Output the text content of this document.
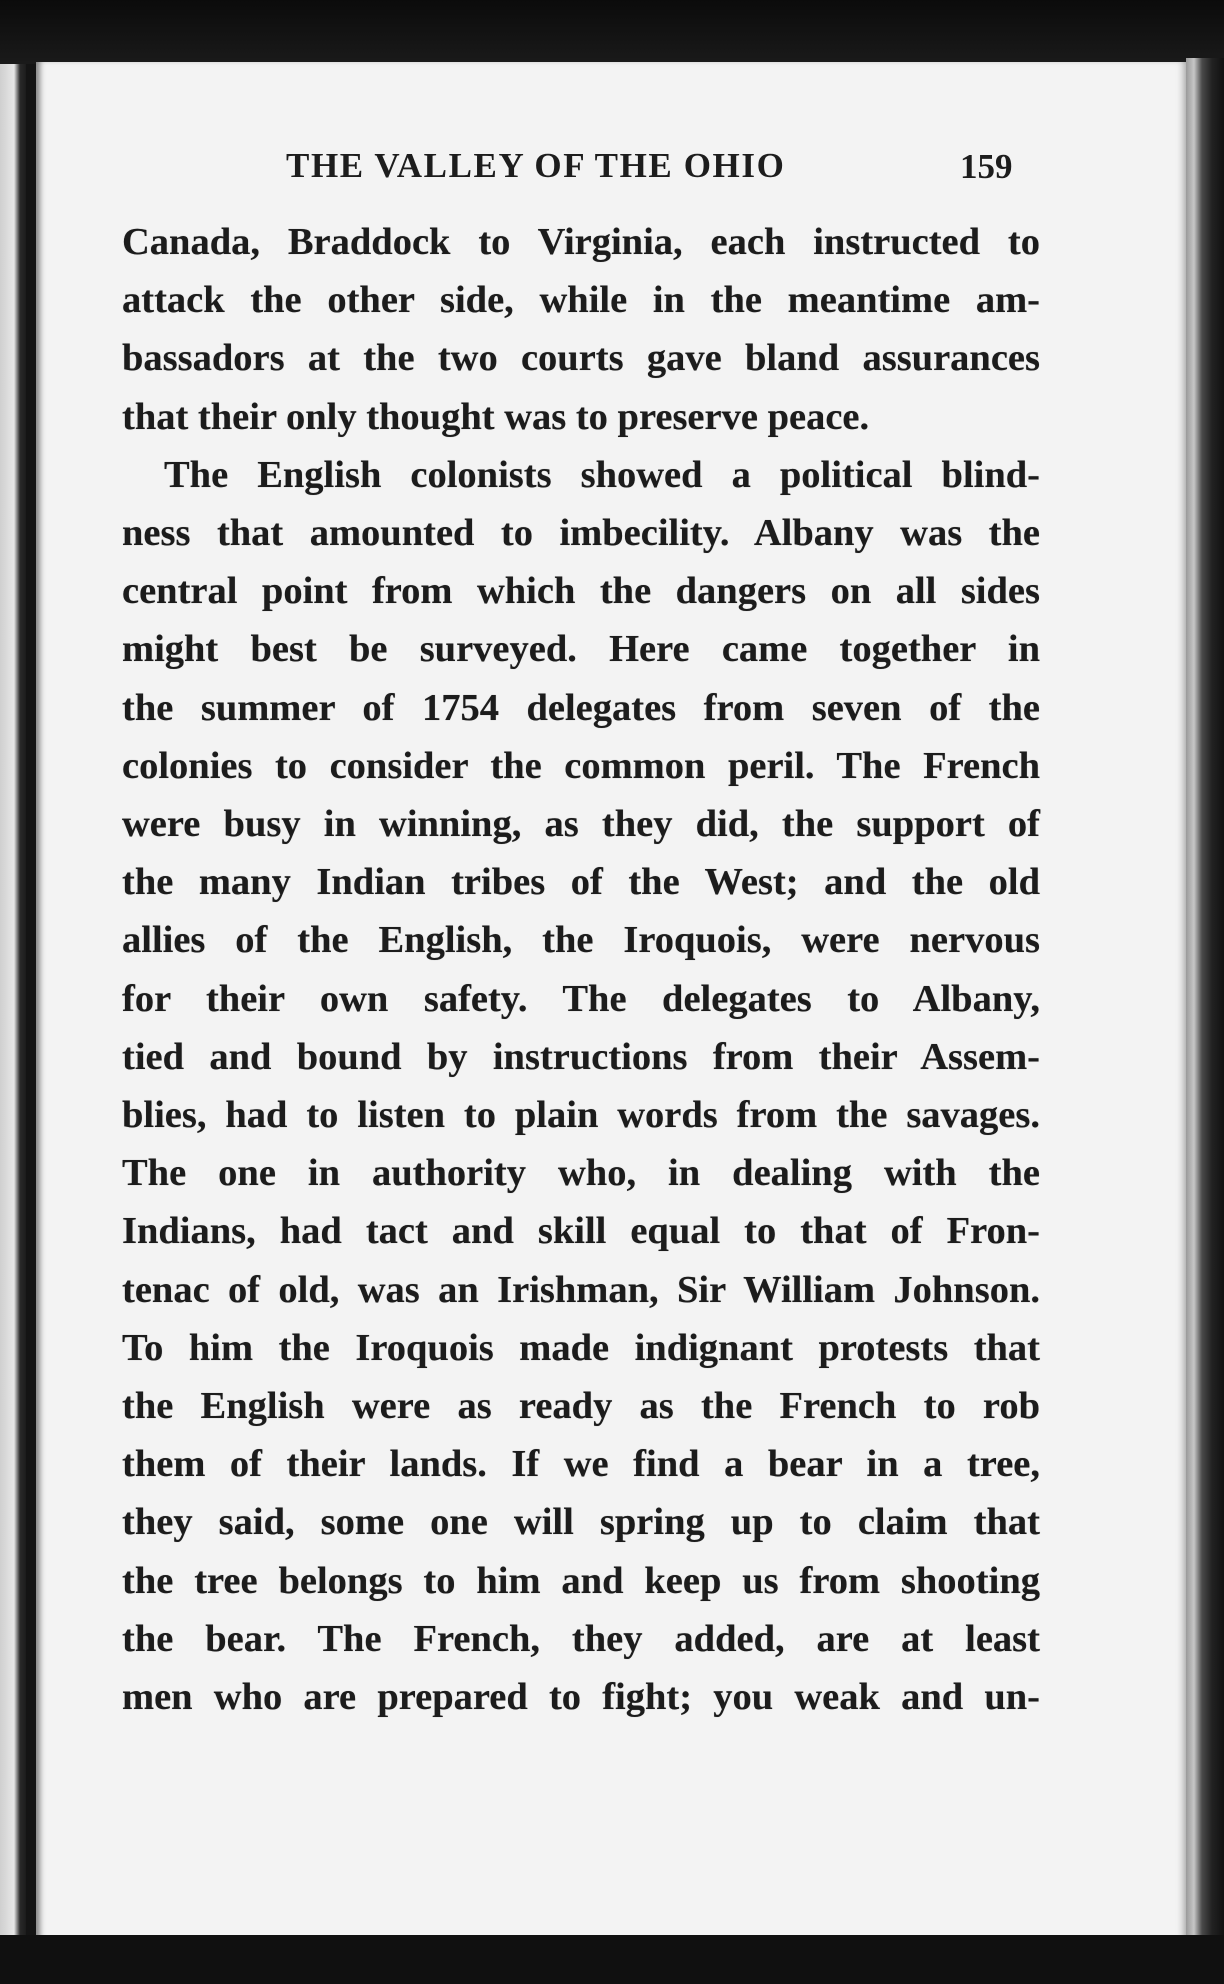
THE VALLEY OF THE OHIO	159
Canada, Braddock to Virginia, each instructed to
attack the other side, while in the meantime am-
bassadors at the two courts gave bland assurances
that their only thought was to preserve peace.
The English colonists showed a political blind-
ness that amounted to imbecility. Albany was the
central point from which the dangers on all sides
might best be surveyed. Here came together in
the summer of 1754 delegates from seven of the
colonies to consider the common peril. The French
were busy in winning, as they did, the support of
the many Indian tribes of the West; and the old
allies of the English, the Iroquois, were nervous
for their own safety. The delegates to Albany,
tied and bound by instructions from their Assem-
blies, had to listen to plain words from the savages.
The one in authority who, in dealing with the
Indians, had tact and skill equal to that of Fron-
tenac of old, was an Irishman, Sir William Johnson.
To him the Iroquois made indignant protests that
the English were as ready as the French to rob
them of their lands. If we find a bear in a tree,
they said, some one will spring up to claim that
the tree belongs to him and keep us from shooting
the bear. The French, they added, are at least
men who are prepared to fight; you weak and un-
